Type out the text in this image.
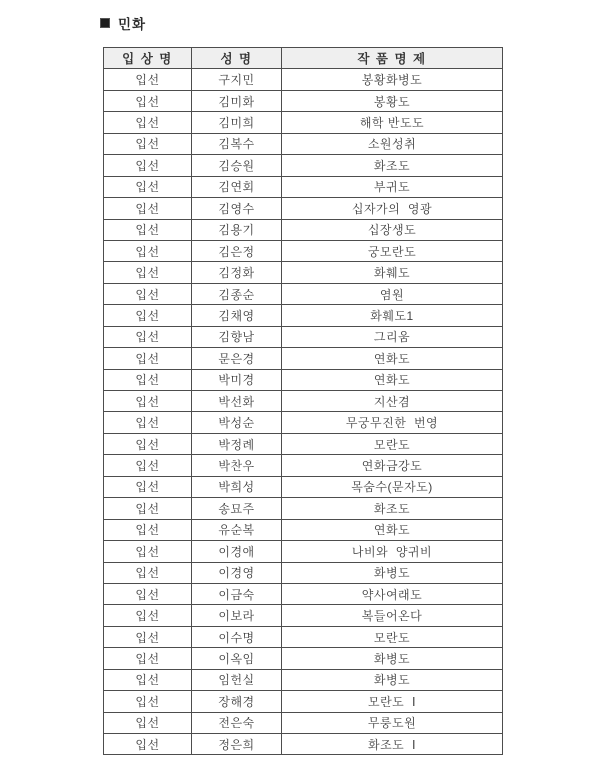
민화
입 상 명	성 명	작 품 명 제
입선	구지민	봉황화병도
입선	김미화	봉황도
입선	김미희	해학 반도도
입선	김복수	소원성취
입선	김승원	화조도
입선	김연회	부귀도
입선	김영수	십자가의  영광
입선	김용기	십장생도
입선	김은정	궁모란도
입선	김정화	화훼도
입선	김종순	염원
입선	김채영	화훼도1
입선	김향남	그리움
입선	문은경	연화도
입선	박미경	연화도
입선	박선화	지산겸
입선	박성순	무궁무진한  번영
입선	박정례	모란도
입선	박찬우	연화금강도
입선	박희성	목숨수(문자도)
입선	송묘주	화조도
입선	유순복	연화도
입선	이경애	나비와  양귀비
입선	이경영	화병도
입선	이금숙	약사여래도
입선	이보라	복들어온다
입선	이수명	모란도
입선	이옥임	화병도
입선	임헌실	화병도
입선	장해경	모란도  Ⅰ
입선	전은숙	무룽도원
입선	정은희	화조도  Ⅰ
